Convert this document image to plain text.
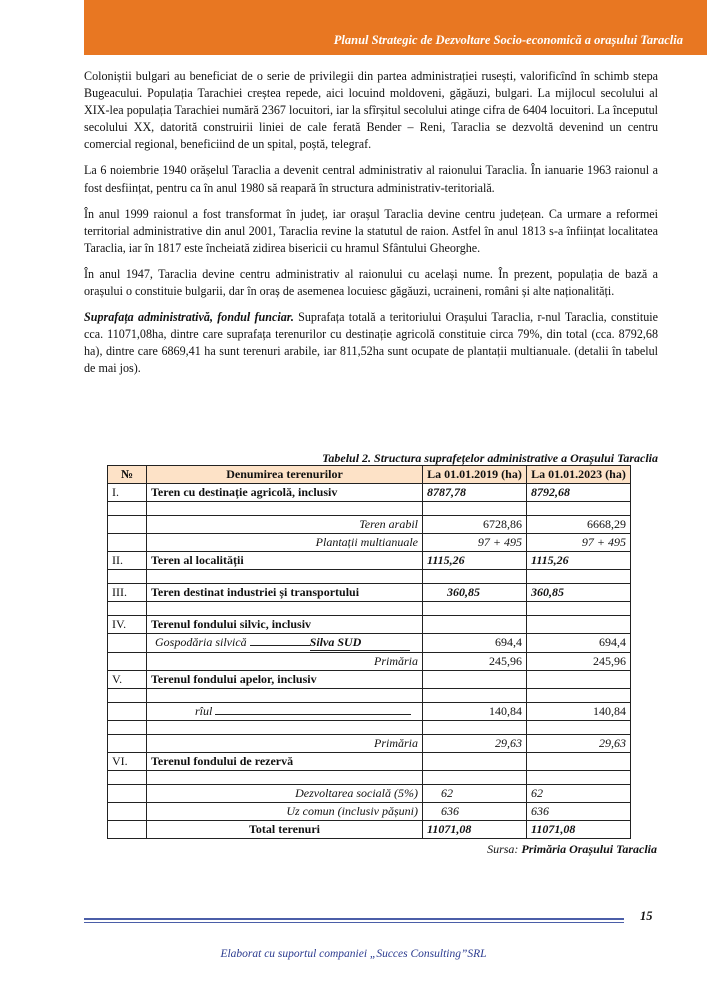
Planul Strategic de Dezvoltare Socio-economică a orașului Taraclia

Coloniștii bulgari au beneficiat de o serie de privilegii din partea administrației rusești, valorificînd în schimb stepa Bugeacului. Populația Tarachiei creștea repede, aici locuind moldoveni, găgăuzi, bulgari. La mijlocul secolului al XIX-lea populația Tarachiei numără 2367 locuitori, iar la sfîrșitul secolului atinge cifra de 6404 locuitori. La începutul secolului XX, datorită construirii liniei de cale ferată Bender – Reni, Taraclia se dezvoltă devenind un centru comercial regional, beneficiind de un spital, poștă, telegraf.

La 6 noiembrie 1940 orășelul Taraclia a devenit central administrativ al raionului Taraclia. În ianuarie 1963 raionul a fost desființat, pentru ca în anul 1980 să reapară în structura administrativ-teritorială.

În anul 1999 raionul a fost transformat în județ, iar orașul Taraclia devine centru județean. Ca urmare a reformei territorial administrative din anul 2001, Taraclia revine la statutul de raion. Astfel în anul 1813 s-a înființat localitatea Taraclia, iar în 1817 este încheiată zidirea bisericii cu hramul Sfântului Gheorghe.

În anul 1947, Taraclia devine centru administrativ al raionului cu același nume. În prezent, populația de bază a orașului o constituie bulgarii, dar în oraș de asemenea locuiesc găgăuzi, ucraineni, români și alte naționalități.

Suprafața administrativă, fondul funciar. Suprafața totală a teritoriului Orașului Taraclia, r-nul Taraclia, constituie cca. 11071,08ha, dintre care suprafața terenurilor cu destinație agricolă constituie circa 79%, din total (cca. 8792,68 ha), dintre care 6869,41 ha sunt terenuri arabile, iar 811,52ha sunt ocupate de plantații multianuale. (detalii în tabelul de mai jos).

Tabelul 2. Structura suprafețelor administrative a Orașului Taraclia
№	Denumirea terenurilor	La 01.01.2019 (ha)	La 01.01.2023 (ha)
I.	Teren cu destinație agricolă, inclusiv	8787,78	8792,68

	Teren arabil	6728,86	6668,29
	Plantații multianuale	97 + 495	97 + 495
II.	Teren al localității	1115,26	1115,26

III.	Teren destinat industriei și transportului	360,85	360,85

IV.	Terenul fondului silvic, inclusiv		
	Gospodăria silvică Silva SUD	694,4	694,4
	Primăria	245,96	245,96
V.	Terenul fondului apelor, inclusiv		

	rîul	140,84	140,84

	Primăria	29,63	29,63
VI.	Terenul fondului de rezervă		

	Dezvoltarea socială (5%)	62	62
	Uz comun (inclusiv pășuni)	636	636
	Total terenuri	11071,08	11071,08
Sursa: Primăria Orașului Taraclia
15
Elaborat cu suportul companiei „Succes Consulting”SRL
